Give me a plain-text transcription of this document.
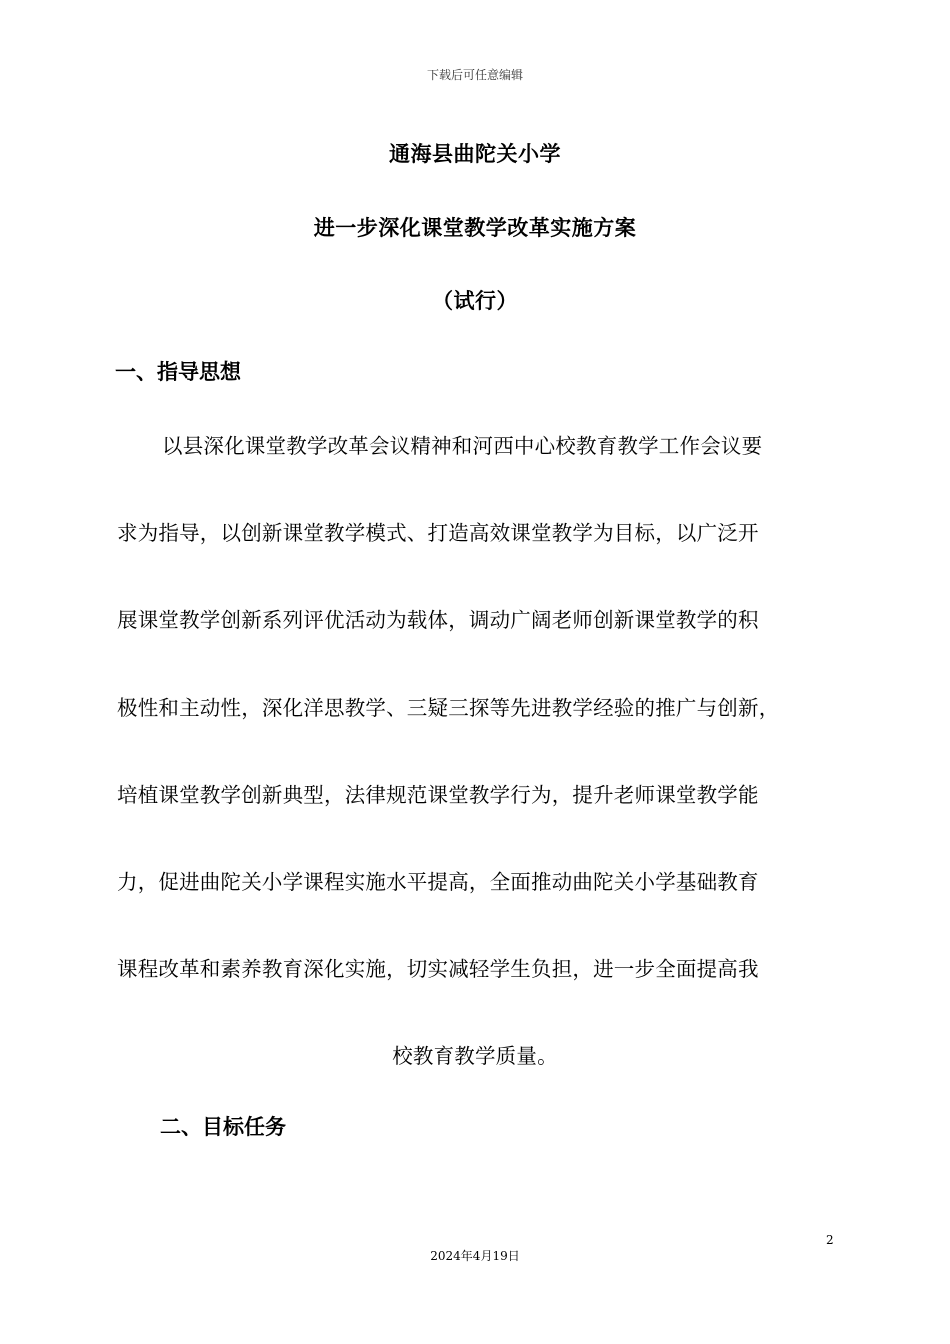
下载后可任意编辑
通海县曲陀关小学
进一步深化课堂教学改革实施方案
（试行）
一、指导思想
以县深化课堂教学改革会议精神和河西中心校教育教学工作会议要
求为指导，以创新课堂教学模式、打造高效课堂教学为目标，以广泛开
展课堂教学创新系列评优活动为载体，调动广阔老师创新课堂教学的积
极性和主动性，深化洋思教学、三疑三探等先进教学经验的推广与创新，
培植课堂教学创新典型，法律规范课堂教学行为，提升老师课堂教学能
力，促进曲陀关小学课程实施水平提高，全面推动曲陀关小学基础教育
课程改革和素养教育深化实施，切实减轻学生负担，进一步全面提高我
校教育教学质量。
二、目标任务
2
2024年4月19日
